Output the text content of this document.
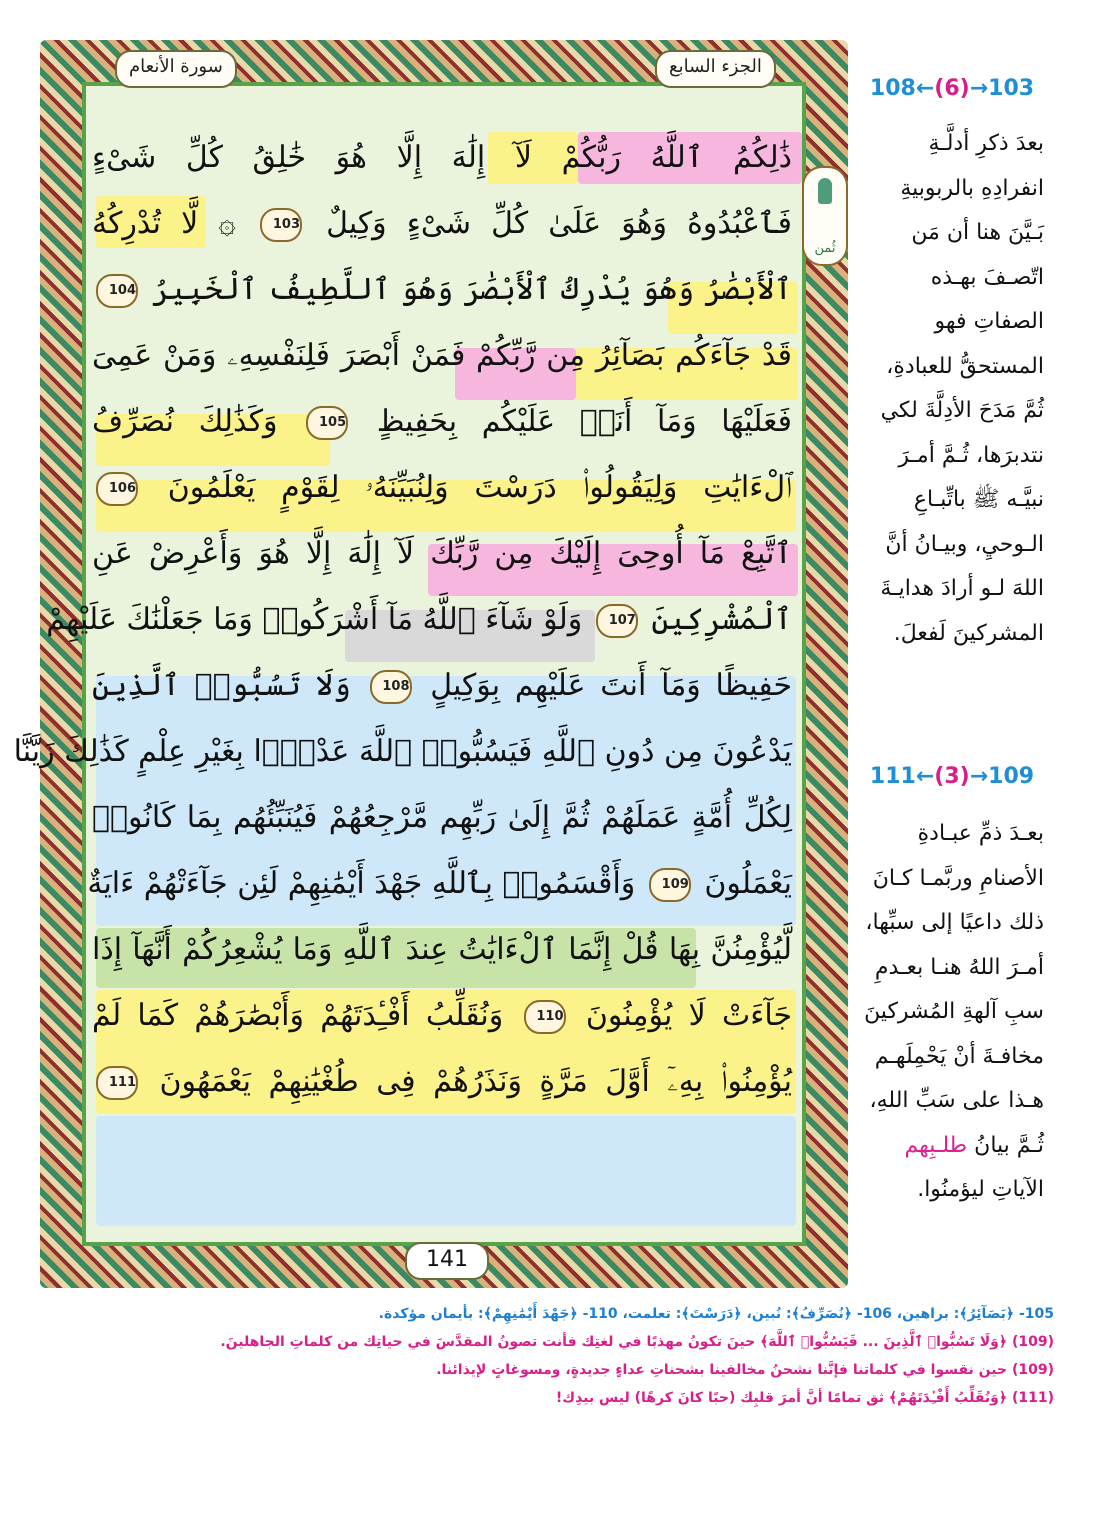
الجزء السابع
سورة الأنعام
ثُمن
ذَٰلِكُمُ ٱللَّهُ رَبُّكُمْ لَآ إِلَٰهَ إِلَّا هُوَ خَٰلِقُ كُلِّ شَىْءٍ
فَٱعْبُدُوهُ وَهُوَ عَلَىٰ كُلِّ شَىْءٍ وَكِيلٌ 103 ۞ لَّا تُدْرِكُهُ
ٱلْأَبْصَٰرُ وَهُوَ يُدْرِكُ ٱلْأَبْصَٰرَ وَهُوَ ٱللَّطِيفُ ٱلْخَبِيرُ 104
قَدْ جَآءَكُم بَصَآئِرُ مِن رَّبِّكُمْ فَمَنْ أَبْصَرَ فَلِنَفْسِهِۦ وَمَنْ عَمِىَ
فَعَلَيْهَا وَمَآ أَنَا۠ عَلَيْكُم بِحَفِيظٍ 105 وَكَذَٰلِكَ نُصَرِّفُ
ٱلْءَايَٰتِ وَلِيَقُولُوا۟ دَرَسْتَ وَلِنُبَيِّنَهُۥ لِقَوْمٍ يَعْلَمُونَ 106
ٱتَّبِعْ مَآ أُوحِىَ إِلَيْكَ مِن رَّبِّكَ لَآ إِلَٰهَ إِلَّا هُوَ وَأَعْرِضْ عَنِ
ٱلْمُشْرِكِينَ 107 وَلَوْ شَآءَ ٱللَّهُ مَآ أَشْرَكُوا۟ وَمَا جَعَلْنَٰكَ عَلَيْهِمْ
حَفِيظًا وَمَآ أَنتَ عَلَيْهِم بِوَكِيلٍ 108 وَلَا تَسُبُّوا۟ ٱلَّذِينَ
يَدْعُونَ مِن دُونِ ٱللَّهِ فَيَسُبُّوا۟ ٱللَّهَ عَدْوًۢا بِغَيْرِ عِلْمٍ كَذَٰلِكَ زَيَّنَّا
لِكُلِّ أُمَّةٍ عَمَلَهُمْ ثُمَّ إِلَىٰ رَبِّهِم مَّرْجِعُهُمْ فَيُنَبِّئُهُم بِمَا كَانُوا۟
يَعْمَلُونَ 109 وَأَقْسَمُوا۟ بِٱللَّهِ جَهْدَ أَيْمَٰنِهِمْ لَئِن جَآءَتْهُمْ ءَايَةٌ
لَّيُؤْمِنُنَّ بِهَا قُلْ إِنَّمَا ٱلْءَايَٰتُ عِندَ ٱللَّهِ وَمَا يُشْعِرُكُمْ أَنَّهَآ إِذَا
جَآءَتْ لَا يُؤْمِنُونَ 110 وَنُقَلِّبُ أَفْـِٔدَتَهُمْ وَأَبْصَٰرَهُمْ كَمَا لَمْ
يُؤْمِنُوا۟ بِهِۦٓ أَوَّلَ مَرَّةٍ وَنَذَرُهُمْ فِى طُغْيَٰنِهِمْ يَعْمَهُونَ 111
141
108←(6)→103
بعدَ ذكرِ أدلَّـةِ
انفرادِهِ بالربوبيةِ
بَـيَّنَ هنا أن مَن
اتّصـفَ بهـذه
الصفاتِ فهو
المستحقُّ للعبادةِ،
ثُمَّ مَدَحَ الأدِلَّةَ لكي
نتدبرَها، ثُـمَّ أمـرَ
نبيَّـه ﷺ باتِّبـاعِ
الـوحيِ، وبيـانُ أنَّ
اللهَ لـو أرادَ هدايـةَ
المشركينَ لَفعلَ.
111←(3)→109
بعـدَ ذمِّ عبـادةِ
الأصنامِ وربَّمـا كـانَ
ذلك داعيًا إلى سبِّها،
أمـرَ اللهُ هنـا بعـدمِ
سبِ آلهةِ المُشركينَ
مخافـةَ أنْ يَحْمِلَهـم
هـذا على سَبِّ اللهِ،
ثُـمَّ بيانُ طلـبِهم
الآياتِ ليؤمنُوا.
105- ﴿بَصَآئِرُ﴾: براهين، 106- ﴿نُصَرِّفُ﴾: نُبين، ﴿دَرَسْتَ﴾: تعلمت، 110- ﴿جَهْدَ أَيْمَٰنِهِمْ﴾: بأيمان مؤكدة.
(109) ﴿وَلَا تَسُبُّوا۟ ٱلَّذِينَ ... فَيَسُبُّوا۟ ٱللَّهَ﴾ حينَ تكونُ مهذبًا في لغتِك فأنت تصونُ المقدَّسَ في حياتِك من كلماتِ الجاهلينَ.
(109) حين نقسوا في كلماتنا فإنَّنا نشحنُ مخالفينا بشحناتِ عداءٍ جديدةٍ، ومسوغاتٍ لإيذائنا.
(111) ﴿وَنُقَلِّبُ أَفْـِٔدَتَهُمْ﴾ ثق تمامًا أنَّ أمرَ قلبِك (حبًا كانَ كرهًا) ليس بيدِك!
